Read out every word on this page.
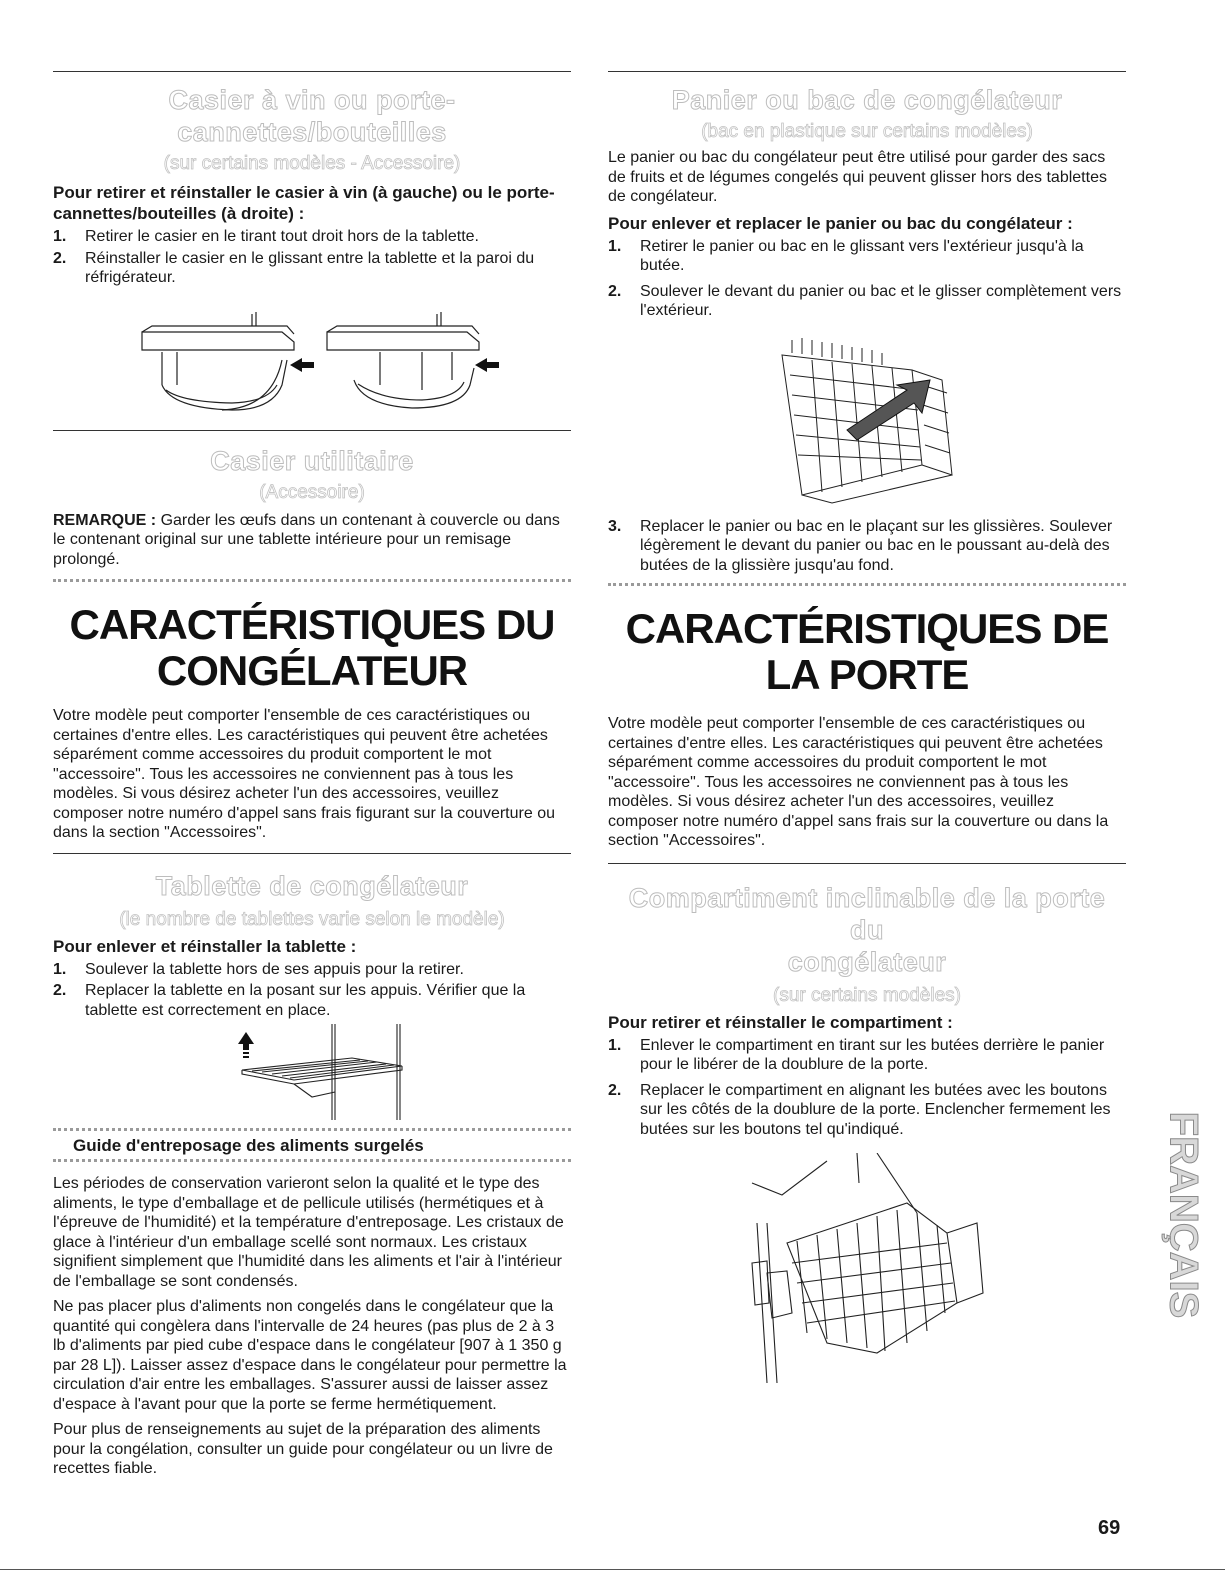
Casier à vin ou porte-cannettes/bouteilles

(sur certains modèles - Accessoire)

Pour retirer et réinstaller le casier à vin (à gauche) ou le porte-cannettes/bouteilles (à droite) :

1. Retirer le casier en le tirant tout droit hors de la tablette.
2. Réinstaller le casier en le glissant entre la tablette et la paroi du réfrigérateur.
Casier utilitaire

(Accessoire)

REMARQUE : Garder les œufs dans un contenant à couvercle ou dans le contenant original sur une tablette intérieure pour un remisage prolongé.

CARACTÉRISTIQUES DU
CONGÉLATEUR

Votre modèle peut comporter l'ensemble de ces caractéristiques ou certaines d'entre elles. Les caractéristiques qui peuvent être achetées séparément comme accessoires du produit comportent le mot "accessoire". Tous les accessoires ne conviennent pas à tous les modèles. Si vous désirez acheter l'un des accessoires, veuillez composer notre numéro d'appel sans frais figurant sur la couverture ou dans la section "Accessoires".

Tablette de congélateur

(le nombre de tablettes varie selon le modèle)

Pour enlever et réinstaller la tablette :

1. Soulever la tablette hors de ses appuis pour la retirer.
2. Replacer la tablette en la posant sur les appuis. Vérifier que la tablette est correctement en place.

Guide d'entreposage des aliments surgelés

Les périodes de conservation varieront selon la qualité et le type des aliments, le type d'emballage et de pellicule utilisés (hermétiques et à l'épreuve de l'humidité) et la température d'entreposage. Les cristaux de glace à l'intérieur d'un emballage scellé sont normaux. Les cristaux signifient simplement que l'humidité dans les aliments et l'air à l'intérieur de l'emballage se sont condensés.

Ne pas placer plus d'aliments non congelés dans le congélateur que la quantité qui congèlera dans l'intervalle de 24 heures (pas plus de 2 à 3 lb d'aliments par pied cube d'espace dans le congélateur [907 à 1 350 g par 28 L]). Laisser assez d'espace dans le congélateur pour permettre la circulation d'air entre les emballages. S'assurer aussi de laisser assez d'espace à l'avant pour que la porte se ferme hermétiquement.

Pour plus de renseignements au sujet de la préparation des aliments pour la congélation, consulter un guide pour congélateur ou un livre de recettes fiable.

Panier ou bac de congélateur

(bac en plastique sur certains modèles)

Le panier ou bac du congélateur peut être utilisé pour garder des sacs de fruits et de légumes congelés qui peuvent glisser hors des tablettes de congélateur.

Pour enlever et replacer le panier ou bac du congélateur :

1. Retirer le panier ou bac en le glissant vers l'extérieur jusqu'à la butée.
2. Soulever le devant du panier ou bac et le glisser complètement vers l'extérieur.
3. Replacer le panier ou bac en le plaçant sur les glissières. Soulever légèrement le devant du panier ou bac en le poussant au-delà des butées de la glissière jusqu'au fond.
CARACTÉRISTIQUES DE
LA PORTE

Votre modèle peut comporter l'ensemble de ces caractéristiques ou certaines d'entre elles. Les caractéristiques qui peuvent être achetées séparément comme accessoires du produit comportent le mot "accessoire". Tous les accessoires ne conviennent pas à tous les modèles. Si vous désirez acheter l'un des accessoires, veuillez composer notre numéro d'appel sans frais sur la couverture ou dans la section "Accessoires".

Compartiment inclinable de la porte du
congélateur

(sur certains modèles)

Pour retirer et réinstaller le compartiment :

1. Enlever le compartiment en tirant sur les butées derrière le panier pour le libérer de la doublure de la porte.
2. Replacer le compartiment en alignant les butées avec les boutons sur les côtés de la doublure de la porte. Enclencher fermement les butées sur les boutons tel qu'indiqué.	FRANÇAIS
69
